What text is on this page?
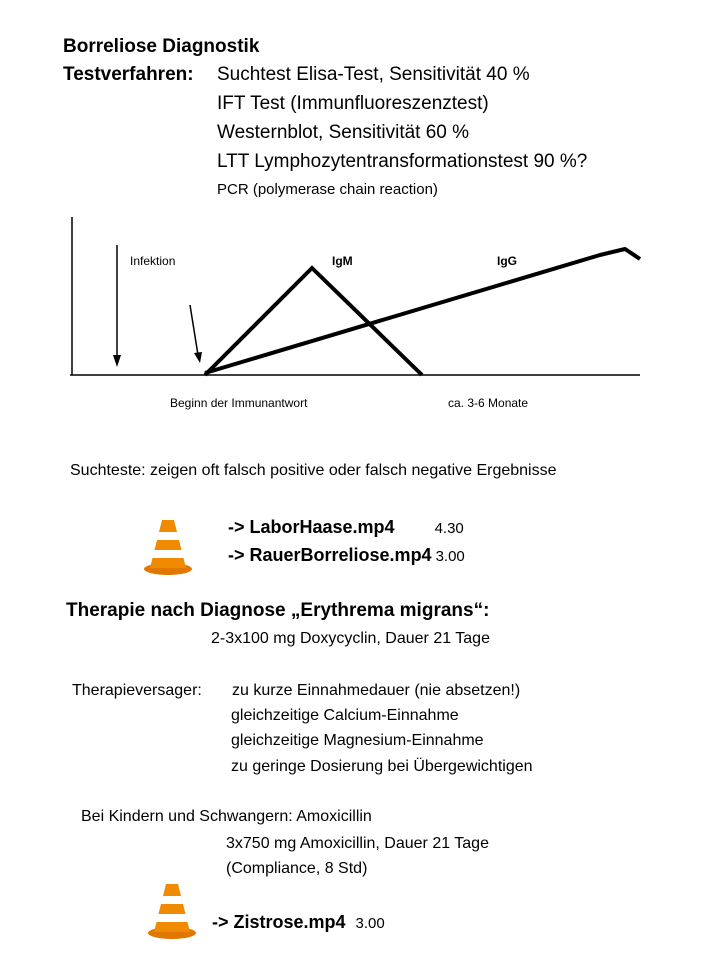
Borreliose Diagnostik
Testverfahren: Suchtest Elisa-Test, Sensitivität 40 %
IFT Test (Immunfluoreszenztest)
Westernblot, Sensitivität 60 %
LTT Lymphozytentransformationstest 90 %?
PCR (polymerase chain reaction)
Infektion	IgM	IgG
Beginn der Immunantwort	ca. 3-6 Monate
Suchteste: zeigen oft falsch positive oder falsch negative Ergebnisse
-> LaborHaase.mp4	4.30
-> RauerBorreliose.mp4 3.00
Therapie nach Diagnose „Erythrema migrans“:
2-3x100 mg Doxycyclin, Dauer 21 Tage
Therapieversager: zu kurze Einnahmedauer (nie absetzen!)
gleichzeitige Calcium-Einnahme
gleichzeitige Magnesium-Einnahme
zu geringe Dosierung bei Übergewichtigen
Bei Kindern und Schwangern: Amoxicillin
3x750 mg Amoxicillin, Dauer 21 Tage
(Compliance, 8 Std)
-> Zistrose.mp4 3.00
